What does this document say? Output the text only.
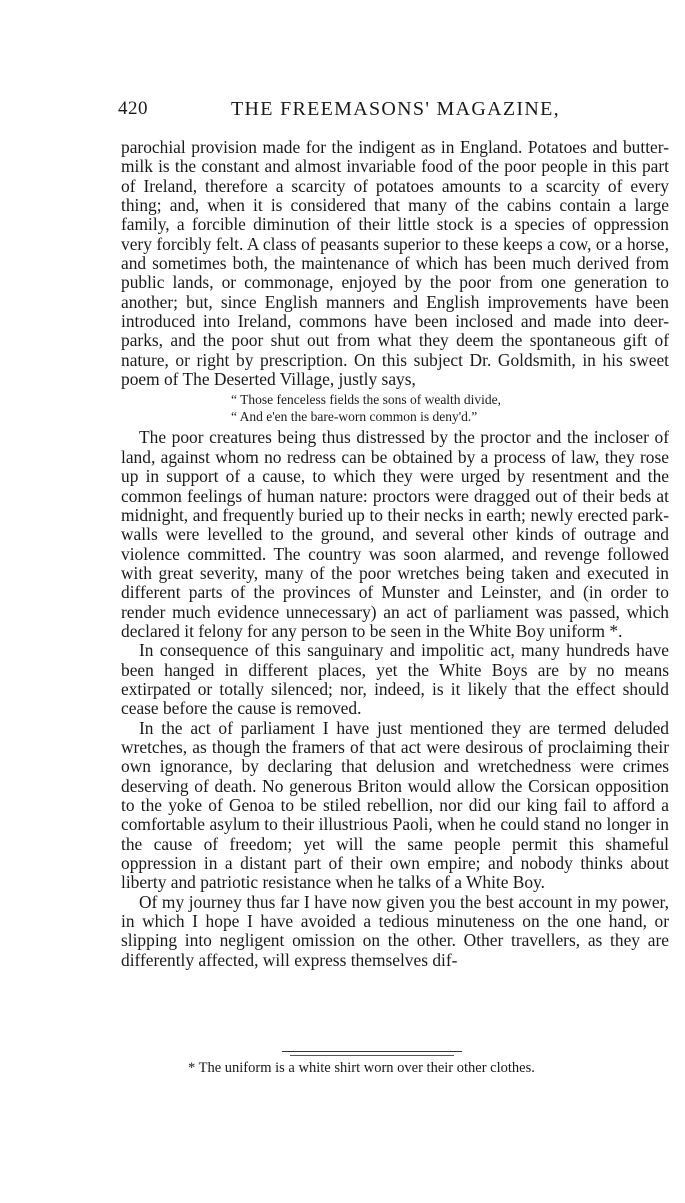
420	THE FREEMASONS' MAGAZINE,

parochial provision made for the indigent as in England. Potatoes and butter-milk is the constant and almost invariable food of the poor people in this part of Ireland, therefore a scarcity of potatoes amounts to a scarcity of every thing; and, when it is considered that many of the cabins contain a large family, a forcible diminution of their little stock is a species of oppression very forcibly felt. A class of peasants superior to these keeps a cow, or a horse, and sometimes both, the maintenance of which has been much derived from public lands, or commonage, enjoyed by the poor from one generation to another; but, since English manners and English improvements have been introduced into Ireland, commons have been inclosed and made into deer-parks, and the poor shut out from what they deem the spontaneous gift of nature, or right by prescription. On this subject Dr. Goldsmith, in his sweet poem of The Deserted Village, justly says,

“ Those fenceless fields the sons of wealth divide,
“ And e'en the bare-worn common is deny'd.”

The poor creatures being thus distressed by the proctor and the incloser of land, against whom no redress can be obtained by a process of law, they rose up in support of a cause, to which they were urged by resentment and the common feelings of human nature: proctors were dragged out of their beds at midnight, and frequently buried up to their necks in earth; newly erected park-walls were levelled to the ground, and several other kinds of outrage and violence committed. The country was soon alarmed, and revenge followed with great severity, many of the poor wretches being taken and executed in different parts of the provinces of Munster and Leinster, and (in order to render much evidence unnecessary) an act of parliament was passed, which declared it felony for any person to be seen in the White Boy uniform *.

In consequence of this sanguinary and impolitic act, many hundreds have been hanged in different places, yet the White Boys are by no means extirpated or totally silenced; nor, indeed, is it likely that the effect should cease before the cause is removed.

In the act of parliament I have just mentioned they are termed deluded wretches, as though the framers of that act were desirous of proclaiming their own ignorance, by declaring that delusion and wretchedness were crimes deserving of death. No generous Briton would allow the Corsican opposition to the yoke of Genoa to be stiled rebellion, nor did our king fail to afford a comfortable asylum to their illustrious Paoli, when he could stand no longer in the cause of freedom; yet will the same people permit this shameful oppression in a distant part of their own empire; and nobody thinks about liberty and patriotic resistance when he talks of a White Boy.

Of my journey thus far I have now given you the best account in my power, in which I hope I have avoided a tedious minuteness on the one hand, or slipping into negligent omission on the other. Other travellers, as they are differently affected, will express themselves dif-

* The uniform is a white shirt worn over their other clothes.
